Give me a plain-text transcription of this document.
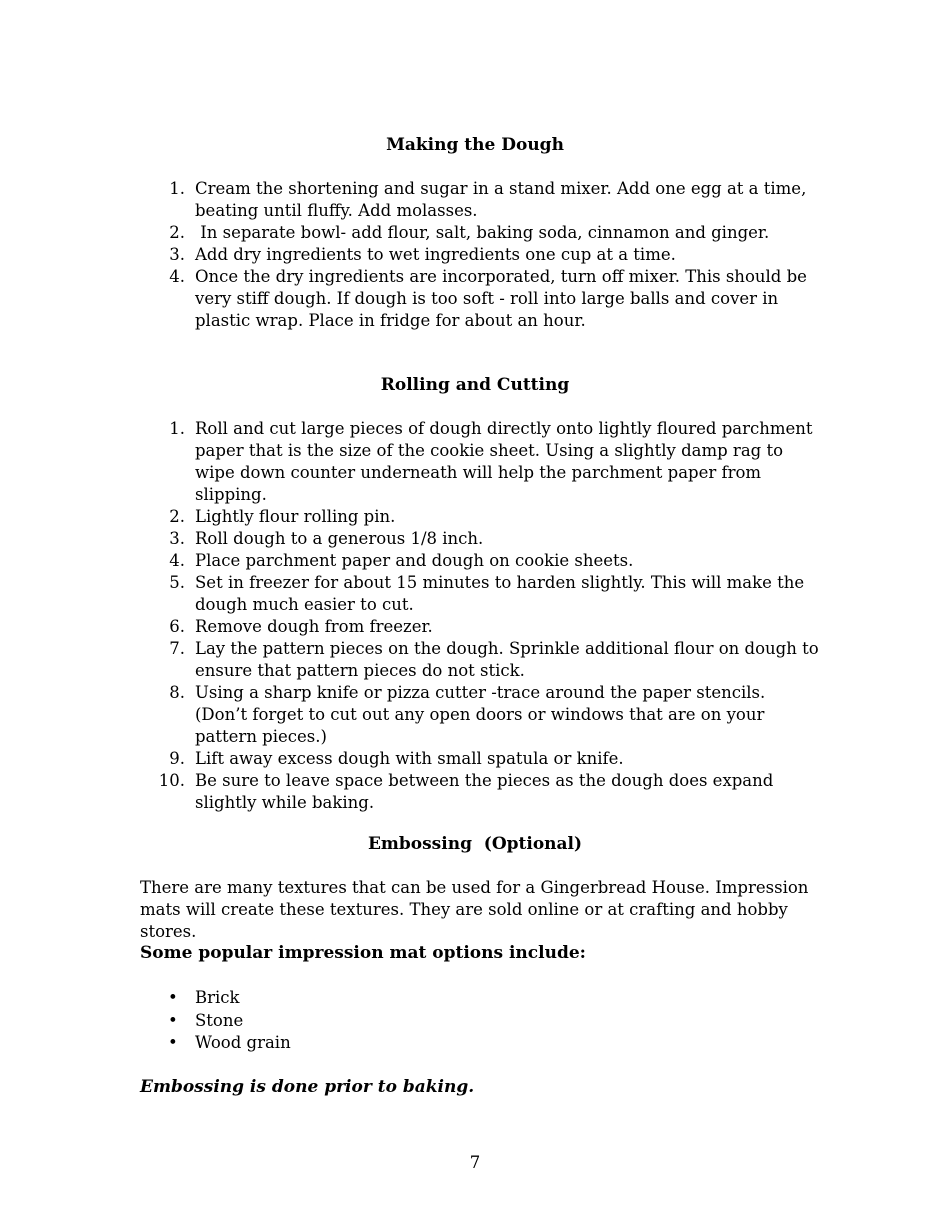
Making the Dough
1. Cream the shortening and sugar in a stand mixer. Add one egg at a time, beating until fluffy. Add molasses.
2. In separate bowl- add flour, salt, baking soda, cinnamon and ginger.
3. Add dry ingredients to wet ingredients one cup at a time.
4. Once the dry ingredients are incorporated, turn off mixer. This should be very stiff dough. If dough is too soft - roll into large balls and cover in plastic wrap. Place in fridge for about an hour.
Rolling and Cutting
1. Roll and cut large pieces of dough directly onto lightly floured parchment paper that is the size of the cookie sheet. Using a slightly damp rag to wipe down counter underneath will help the parchment paper from slipping.
2. Lightly flour rolling pin.
3. Roll dough to a generous 1/8 inch.
4. Place parchment paper and dough on cookie sheets.
5. Set in freezer for about 15 minutes to harden slightly. This will make the dough much easier to cut.
6. Remove dough from freezer.
7. Lay the pattern pieces on the dough. Sprinkle additional flour on dough to ensure that pattern pieces do not stick.
8. Using a sharp knife or pizza cutter -trace around the paper stencils. (Don’t forget to cut out any open doors or windows that are on your pattern pieces.)
9. Lift away excess dough with small spatula or knife.
10. Be sure to leave space between the pieces as the dough does expand slightly while baking.
Embossing  (Optional)
There are many textures that can be used for a Gingerbread House. Impression mats will create these textures. They are sold online or at crafting and hobby stores.
Some popular impression mat options include:
• Brick
• Stone
• Wood grain
Embossing is done prior to baking.
7
